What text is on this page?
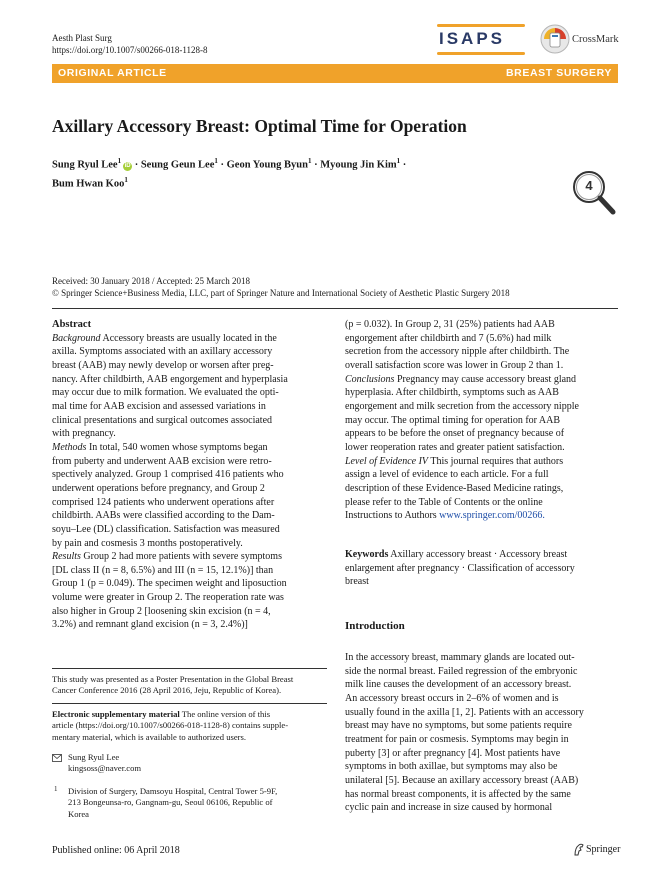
Aesth Plast Surg
https://doi.org/10.1007/s00266-018-1128-8
ISAPS	CrossMark
ORIGINAL ARTICLE	BREAST SURGERY
Axillary Accessory Breast: Optimal Time for Operation
Sung Ryul Lee$^1$iD · Seung Geun Lee$^1$ · Geon Young Byun$^1$ · Myoung Jin Kim$^1$ ·
Bum Hwan Koo$^1$	4
Received: 30 January 2018 / Accepted: 25 March 2018
© Springer Science+Business Media, LLC, part of Springer Nature and International Society of Aesthetic Plastic Surgery 2018

Abstract

Background Accessory breasts are usually located in the

axilla. Symptoms associated with an axillary accessory

breast (AAB) may newly develop or worsen after preg-

nancy. After childbirth, AAB engorgement and hyperplasia

may occur due to milk formation. We evaluated the opti-

mal time for AAB excision and assessed variations in

clinical presentations and surgical outcomes associated

with pregnancy.

Methods In total, 540 women whose symptoms began

from puberty and underwent AAB excision were retro-

spectively analyzed. Group 1 comprised 416 patients who

underwent operations before pregnancy, and Group 2

comprised 124 patients who underwent operations after

childbirth. AABs were classified according to the Dam-

soyu–Lee (DL) classification. Satisfaction was measured

by pain and cosmesis 3 months postoperatively.

Results Group 2 had more patients with severe symptoms

[DL class II (n = 8, 6.5%) and III (n = 15, 12.1%)] than

Group 1 (p = 0.049). The specimen weight and liposuction

volume were greater in Group 2. The reoperation rate was

also higher in Group 2 [loosening skin excision (n = 4,

3.2%) and remnant gland excision (n = 3, 2.4%)]

This study was presented as a Poster Presentation in the Global Breast
Cancer Conference 2016 (28 April 2016, Jeju, Republic of Korea).
Electronic supplementary material The online version of this
article (https://doi.org/10.1007/s00266-018-1128-8) contains supple-
mentary material, which is available to authorized users.
Sung Ryul Lee
kingsoss@naver.com
1	Division of Surgery, Damsoyu Hospital, Central Tower 5-9F,
213 Bongeunsa-ro, Gangnam-gu, Seoul 06106, Republic of
Korea

(p = 0.032). In Group 2, 31 (25%) patients had AAB

engorgement after childbirth and 7 (5.6%) had milk

secretion from the accessory nipple after childbirth. The

overall satisfaction score was lower in Group 2 than 1.

Conclusions Pregnancy may cause accessory breast gland

hyperplasia. After childbirth, symptoms such as AAB

engorgement and milk secretion from the accessory nipple

may occur. The optimal timing for operation for AAB

appears to be before the onset of pregnancy because of

lower reoperation rates and greater patient satisfaction.

Level of Evidence IV This journal requires that authors

assign a level of evidence to each article. For a full

description of these Evidence-Based Medicine ratings,

please refer to the Table of Contents or the online

Instructions to Authors www.springer.com/00266.

Keywords Axillary accessory breast · Accessory breast

enlargement after pregnancy · Classification of accessory

breast

Introduction

In the accessory breast, mammary glands are located out-

side the normal breast. Failed regression of the embryonic

milk line causes the development of an accessory breast.

An accessory breast occurs in 2–6% of women and is

usually found in the axilla [1, 2]. Patients with an accessory

breast may have no symptoms, but some patients require

treatment for pain or cosmesis. Symptoms may begin in

puberty [3] or after pregnancy [4]. Most patients have

symptoms in both axillae, but symptoms may also be

unilateral [5]. Because an axillary accessory breast (AAB)

has normal breast components, it is affected by the same

cyclic pain and increase in size caused by hormonal

Published online: 06 April 2018	Springer
